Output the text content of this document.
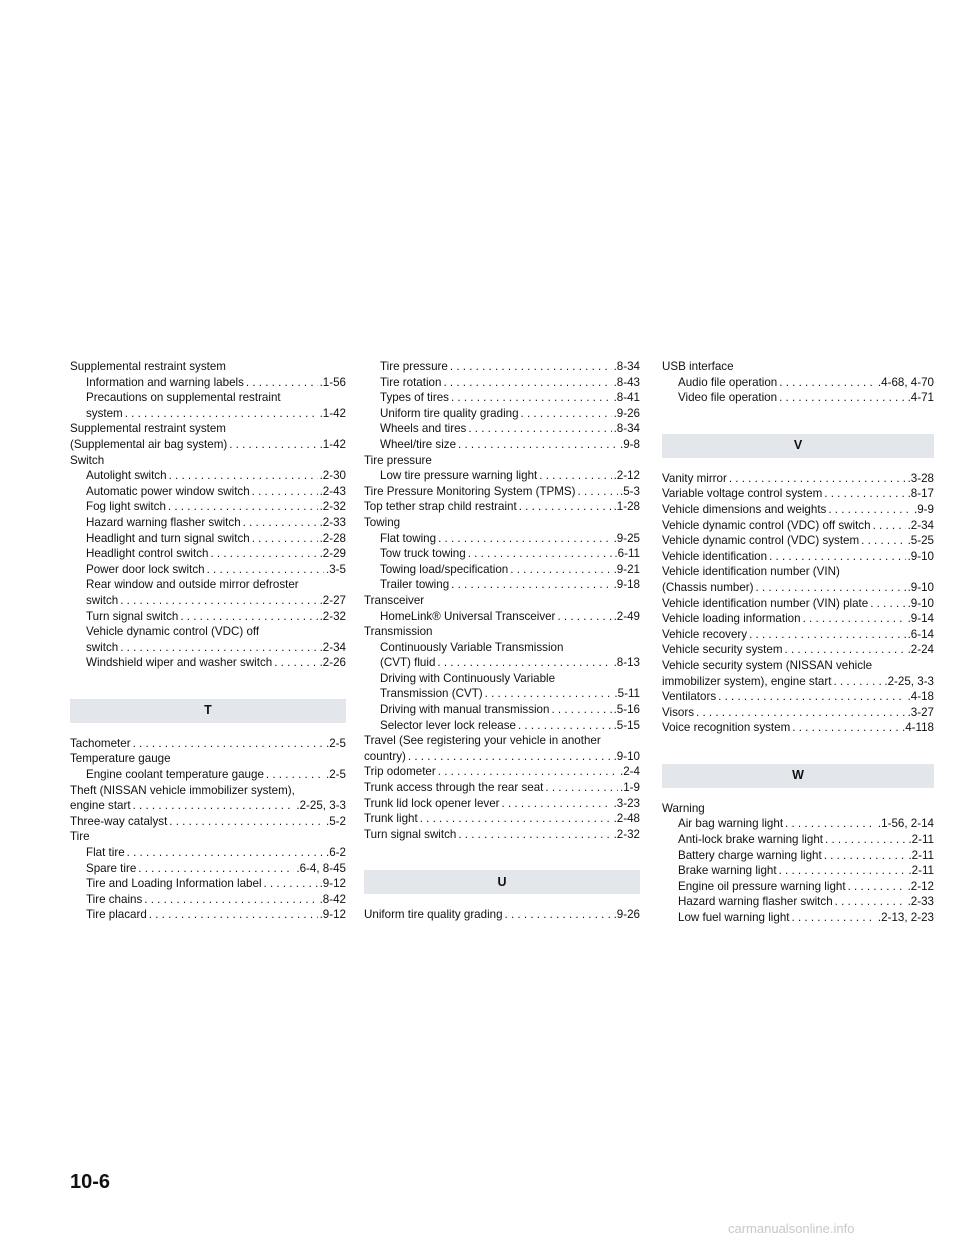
Supplemental restraint system
Information and warning labels . . .	.1-56
Precautions on supplemental restraint
system . . .	.1-42
Supplemental restraint system
(Supplemental air bag system) . . .	.1-42
Switch
Autolight switch . . .	.2-30
Automatic power window switch . . .	.2-43
Fog light switch . . .	.2-32
Hazard warning flasher switch . . .	.2-33
Headlight and turn signal switch . . .	.2-28
Headlight control switch . . .	.2-29
Power door lock switch . . .	.3-5
Rear window and outside mirror defroster
switch . . .	.2-27
Turn signal switch . . .	.2-32
Vehicle dynamic control (VDC) off
switch . . .	.2-34
Windshield wiper and washer switch . . .	.2-26
T
Tachometer . . .	.2-5
Temperature gauge
Engine coolant temperature gauge . . .	.2-5
Theft (NISSAN vehicle immobilizer system),
engine start . . .	.2-25, 3-3
Three-way catalyst . . .	.5-2
Tire
Flat tire . . .	.6-2
Spare tire . . .	.6-4, 8-45
Tire and Loading Information label . . .	.9-12
Tire chains . . .	.8-42
Tire placard . . .	.9-12
Tire pressure . . .	.8-34
Tire rotation . . .	.8-43
Types of tires . . .	.8-41
Uniform tire quality grading . . .	.9-26
Wheels and tires . . .	.8-34
Wheel/tire size . . .	.9-8
Tire pressure
Low tire pressure warning light . . .	.2-12
Tire Pressure Monitoring System (TPMS) . . .	.5-3
Top tether strap child restraint . . .	.1-28
Towing
Flat towing . . .	.9-25
Tow truck towing . . .	.6-11
Towing load/specification . . .	.9-21
Trailer towing . . .	.9-18
Transceiver
HomeLink® Universal Transceiver . . .	.2-49
Transmission
Continuously Variable Transmission
(CVT) fluid . . .	.8-13
Driving with Continuously Variable
Transmission (CVT) . . .	.5-11
Driving with manual transmission . . .	.5-16
Selector lever lock release . . .	.5-15
Travel (See registering your vehicle in another
country) . . .	.9-10
Trip odometer . . .	.2-4
Trunk access through the rear seat . . .	.1-9
Trunk lid lock opener lever . . .	.3-23
Trunk light . . .	.2-48
Turn signal switch . . .	.2-32
U
Uniform tire quality grading . . .	.9-26
USB interface
Audio file operation . . .	.4-68, 4-70
Video file operation . . .	.4-71
V
Vanity mirror . . .	.3-28
Variable voltage control system . . .	.8-17
Vehicle dimensions and weights . . .	.9-9
Vehicle dynamic control (VDC) off switch . . .	.2-34
Vehicle dynamic control (VDC) system . . .	.5-25
Vehicle identification . . .	.9-10
Vehicle identification number (VIN)
(Chassis number) . . .	.9-10
Vehicle identification number (VIN) plate . . .	.9-10
Vehicle loading information . . .	.9-14
Vehicle recovery . . .	.6-14
Vehicle security system . . .	.2-24
Vehicle security system (NISSAN vehicle
immobilizer system), engine start . . .	.2-25, 3-3
Ventilators . . .	.4-18
Visors . . .	.3-27
Voice recognition system . . .	.4-118
W
Warning
Air bag warning light . . .	.1-56, 2-14
Anti-lock brake warning light . . .	.2-11
Battery charge warning light . . .	.2-11
Brake warning light . . .	.2-11
Engine oil pressure warning light . . .	.2-12
Hazard warning flasher switch . . .	.2-33
Low fuel warning light . . .	.2-13, 2-23
10-6
carmanualsonline.info
